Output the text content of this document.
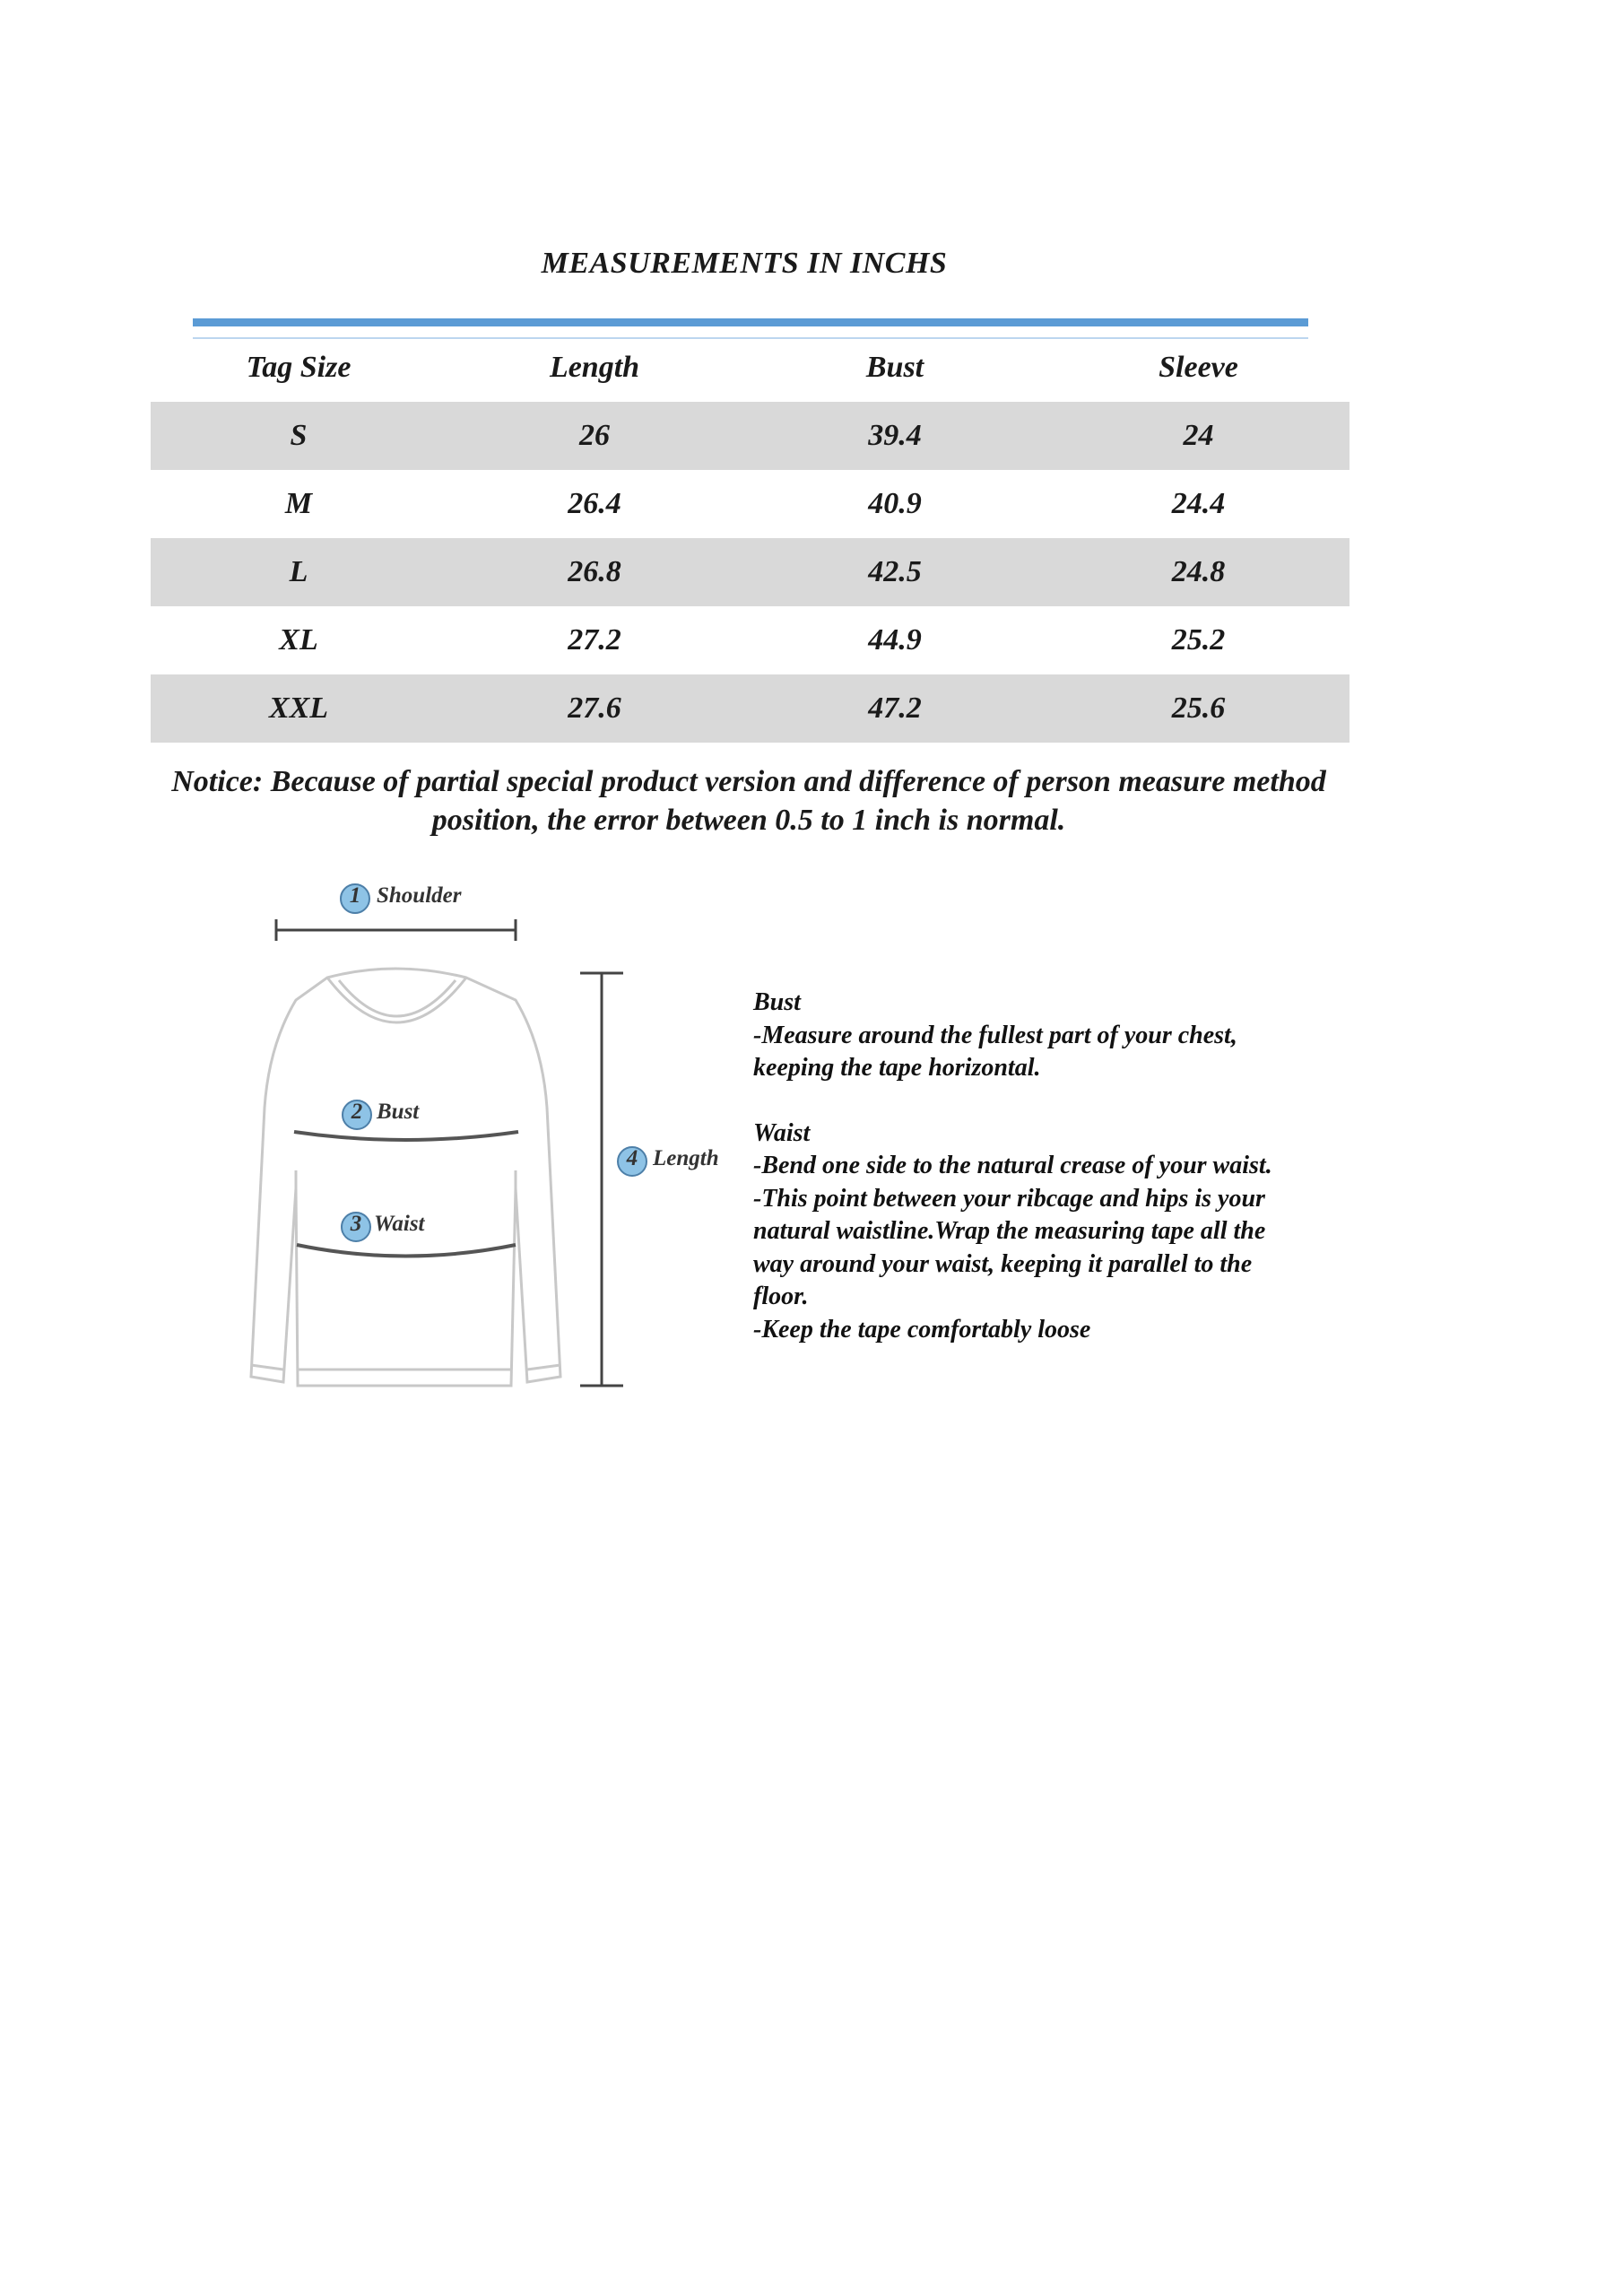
MEASUREMENTS IN INCHS
Tag Size	Length	Bust	Sleeve
S	26	39.4	24
M	26.4	40.9	24.4
L	26.8	42.5	24.8
XL	27.2	44.9	25.2
XXL	27.6	47.2	25.6
Notice: Because of partial special product version and difference of person measure method
position, the error between 0.5 to 1 inch is normal.
1 Shoulder
2 Bust
3 Waist
4 Length

Bust

-Measure around the fullest part of your chest,

keeping the tape horizontal.

Waist

-Bend one side to the natural crease of your waist.

-This point between your ribcage and hips is your

natural waistline.Wrap the measuring tape all the

way around your waist, keeping it parallel to the

floor.

-Keep the tape comfortably loose
